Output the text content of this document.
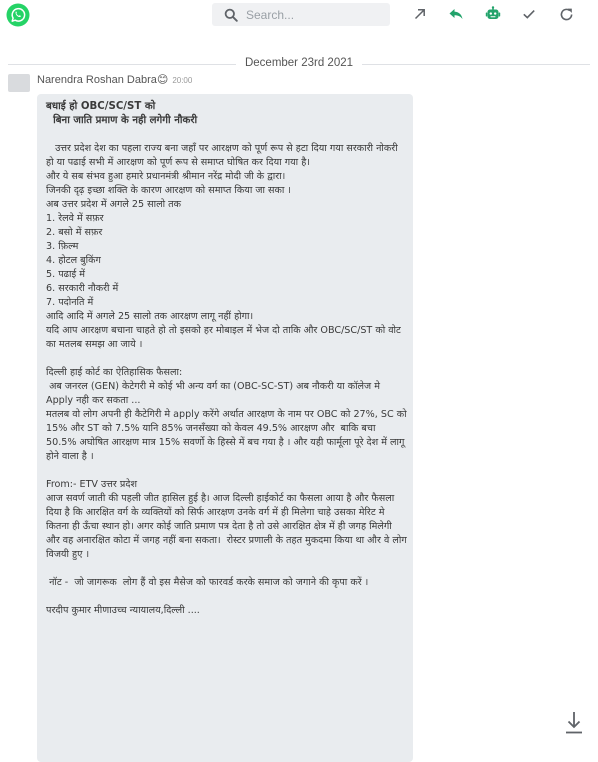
Search...
December 23rd 2021
Narendra Roshan Dabra😊 20:00

बधाई हो OBC/SC/ST को
बिना जाति प्रमाण के नही लगेगी नौकरी

उत्तर प्रदेश देश का पहला राज्य बना जहाँ पर आरक्षण को पूर्ण रूप से हटा दिया गया सरकारी नोकरी हो या पढाई सभी में आरक्षण को पूर्ण रूप से समाप्त घोषित कर दिया गया है।
और ये सब संभव हुआ हमारे प्रधानमंत्री श्रीमान नरेंद्र मोदी जी के द्वारा।
जिनकी दृढ़ इच्छा शक्ति के कारण आरक्षण को समाप्त किया जा सका ।
अब उत्तर प्रदेश में अगले 25 सालो तक
1. रेलवे में सफ़र
2. बसो में सफ़र
3. फ़िल्म
4. होटल बुकिंग
5. पढाई में
6. सरकारी नौकरी में
7. पदोनति में
आदि आदि में अगले 25 सालो तक आरक्षण लागू नहीं होगा।
यदि आप आरक्षण बचाना चाहते हो तो इसको हर मोबाइल में भेज दो ताकि और OBC/SC/ST को वोट का मतलब समझ आ जाये ।

दिल्ली हाई कोर्ट का ऐतिहासिक फैसला:
अब जनरल (GEN) केटेगरी मे कोई भी अन्य वर्ग का (OBC-SC-ST) अब नौकरी या कॉलेज मे Apply नही कर सकता ...
मतलब वो लोग अपनी ही कैटेगिरी मे apply करेंगे अर्थात आरक्षण के नाम पर OBC को 27%, SC को 15% और ST को 7.5% यानि 85% जनसँख्या को केवल 49.5% आरक्षण और  बाकि बचा 50.5% अघोषित आरक्षण मात्र 15% सवर्णो के हिस्से में बच गया है । और यही फार्मूला पूरे देश में लागू होने वाला है ।

From:- ETV उत्तर प्रदेश
आज सवर्ण जाती की पहली जीत हासिल हुई है। आज दिल्ली हाईकोर्ट का फैसला आया है और फैसला दिया है कि आरक्षित वर्ग के व्यक्तियों को सिर्फ आरक्षण उनके वर्ग में ही मिलेगा चाहे उसका मेरिट मे कितना ही ऊँचा स्थान हो। अगर कोई जाति प्रमाण पत्र देता है तो उसे आरक्षित क्षेत्र में ही जगह मिलेगी और वह अनारक्षित कोटा में जगह नहीं बना सकता।  रोस्टर प्रणाली के तहत मुकदमा किया था और वे लोग विजयी हुए ।

नॉट -  जो जागरूक  लोग हैं वो इस मैसेज को फारवर्ड करके समाज को जगाने की कृपा करें ।

परदीप कुमार मीणाउच्च न्यायालय,दिल्ली ....
